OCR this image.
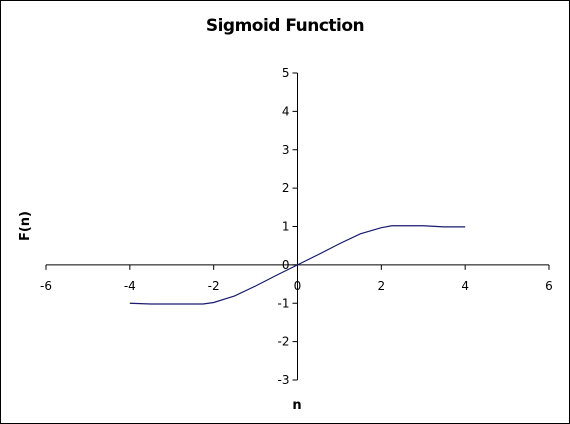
Sigmoid Function
-6	-4	-2	0	2	4	6
-3
-2
-1
0
1
2
3
4
5
n
F(n)
